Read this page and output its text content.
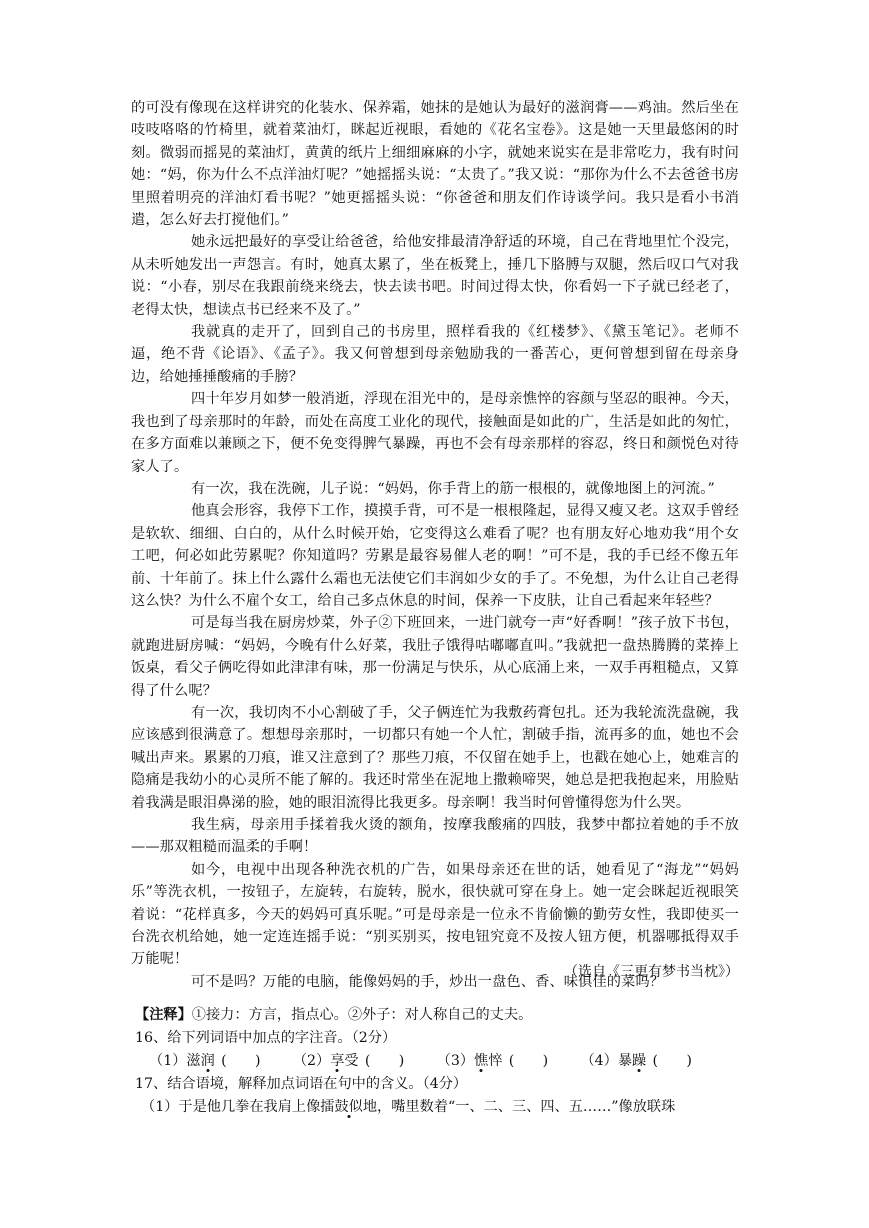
的可没有像现在这样讲究的化装水、保养霜，她抹的是她认为最好的滋润膏——鸡油。然后坐在吱吱咯咯的竹椅里，就着菜油灯，眯起近视眼，看她的《花名宝卷》。这是她一天里最悠闲的时刻。微弱而摇晃的菜油灯，黄黄的纸片上细细麻麻的小字，就她来说实在是非常吃力，我有时问她：“妈，你为什么不点洋油灯呢？”她摇摇头说：“太贵了。”我又说：“那你为什么不去爸爸书房里照着明亮的洋油灯看书呢？”她更摇摇头说：“你爸爸和朋友们作诗谈学问。我只是看小书消遣，怎么好去打搅他们。”

她永远把最好的享受让给爸爸，给他安排最清净舒适的环境，自己在背地里忙个没完，从未听她发出一声怨言。有时，她真太累了，坐在板凳上，捶几下胳膊与双腿，然后叹口气对我说：“小春，别尽在我跟前绕来绕去，快去读书吧。时间过得太快，你看妈一下子就已经老了，老得太快，想读点书已经来不及了。”

我就真的走开了，回到自己的书房里，照样看我的《红楼梦》、《黛玉笔记》。老师不逼，绝不背《论语》、《孟子》。我又何曾想到母亲勉励我的一番苦心，更何曾想到留在母亲身边，给她捶捶酸痛的手膀？

四十年岁月如梦一般消逝，浮现在泪光中的，是母亲憔悴的容颜与坚忍的眼神。今天，我也到了母亲那时的年龄，而处在高度工业化的现代，接触面是如此的广，生活是如此的匆忙，在多方面难以兼顾之下，便不免变得脾气暴躁，再也不会有母亲那样的容忍，终日和颜悦色对待家人了。

有一次，我在洗碗，儿子说：“妈妈，你手背上的筋一根根的，就像地图上的河流。”

他真会形容，我停下工作，摸摸手背，可不是一根根隆起，显得又瘦又老。这双手曾经是软软、细细、白白的，从什么时候开始，它变得这么难看了呢？也有朋友好心地劝我“用个女工吧，何必如此劳累呢？你知道吗？劳累是最容易催人老的啊！”可不是，我的手已经不像五年前、十年前了。抹上什么露什么霜也无法使它们丰润如少女的手了。不免想，为什么让自己老得这么快？为什么不雇个女工，给自己多点休息的时间，保养一下皮肤，让自己看起来年轻些？

可是每当我在厨房炒菜，外子②下班回来，一进门就夸一声“好香啊！”孩子放下书包，就跑进厨房喊：“妈妈，今晚有什么好菜，我肚子饿得咕嘟嘟直叫。”我就把一盘热腾腾的菜捧上饭桌，看父子俩吃得如此津津有味，那一份满足与快乐，从心底涌上来，一双手再粗糙点，又算得了什么呢？

有一次，我切肉不小心割破了手，父子俩连忙为我敷药膏包扎。还为我轮流洗盘碗，我应该感到很满意了。想想母亲那时，一切都只有她一个人忙，割破手指，流再多的血，她也不会喊出声来。累累的刀痕，谁又注意到了？那些刀痕，不仅留在她手上，也戳在她心上，她难言的隐痛是我幼小的心灵所不能了解的。我还时常坐在泥地上撒赖啼哭，她总是把我抱起来，用脸贴着我满是眼泪鼻涕的脸，她的眼泪流得比我更多。母亲啊！我当时何曾懂得您为什么哭。

我生病，母亲用手揉着我火烫的额角，按摩我酸痛的四肢，我梦中都拉着她的手不放——那双粗糙而温柔的手啊！

如今，电视中出现各种洗衣机的广告，如果母亲还在世的话，她看见了“海龙”“妈妈乐”等洗衣机，一按钮子，左旋转，右旋转，脱水，很快就可穿在身上。她一定会眯起近视眼笑着说：“花样真多，今天的妈妈可真乐呢。”可是母亲是一位永不肯偷懒的勤劳女性，我即使买一台洗衣机给她，她一定连连摇手说：“别买别买，按电钮究竟不及按人钮方便，机器哪抵得双手万能呢！

可不是吗？万能的电脑，能像妈妈的手，炒出一盘色、香、味俱佳的菜吗？

（选自《三更有梦书当枕》）

【注释】①接力：方言，指点心。②外子：对人称自己的丈夫。

16、给下列词语中加点的字注音。（2分）

（1）滋润 (  ) （2）享受 (  ) （3）憔悴 (  ) （4）暴躁 (  )

17、结合语境，解释加点词语在句中的含义。（4分）

（1）于是他几拳在我肩上像擂鼓似地，嘴里数着“一、二、三、四、五……”像放联珠
